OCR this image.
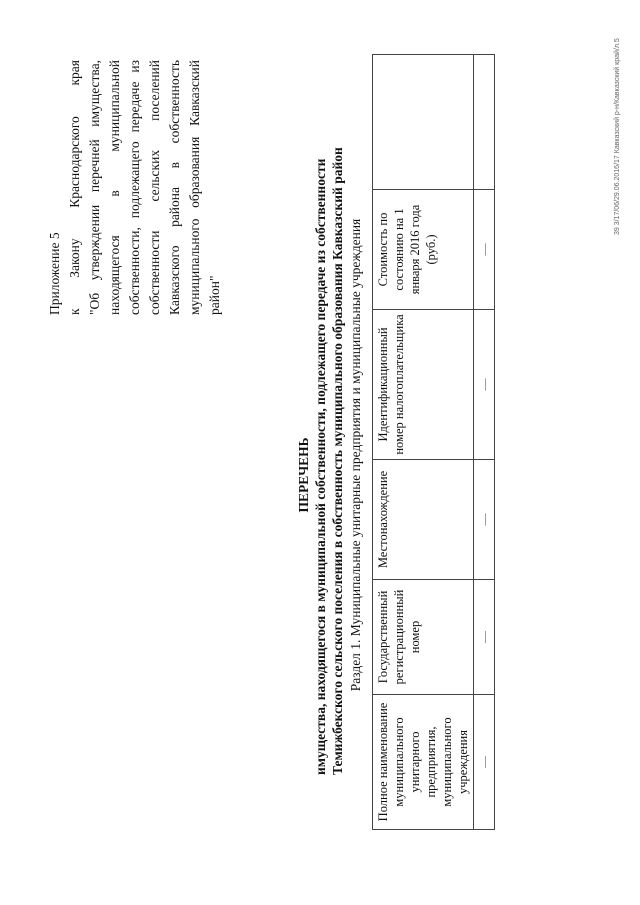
Приложение 5 к Закону Краснодарского края "Об утверждении перечней имущества, находящегося в муниципальной собственности, подлежащего передаче из собственности сельских поселений Кавказского района в собственность муниципального образования Кавказский район"
ПЕРЕЧЕНЬ имущества, находящегося в муниципальной собственности, подлежащего передаче из собственности Темижбекского сельского поселения в собственность муниципального образования Кавказский район Раздел 1. Муниципальные унитарные предприятия и муниципальные учреждения
Полное наименование муниципального унитарного предприятия, муниципального учреждения	Государственный регистрационный номер	Местонахождение	Идентификационный номер налогоплательщика	Стоимость по состоянию на 1 января 2016 года (руб.)	
—	—	—	—	—	
39 3/17/06/29.06.2016/17 Кавказский р-н/Кавказский край/л.5
